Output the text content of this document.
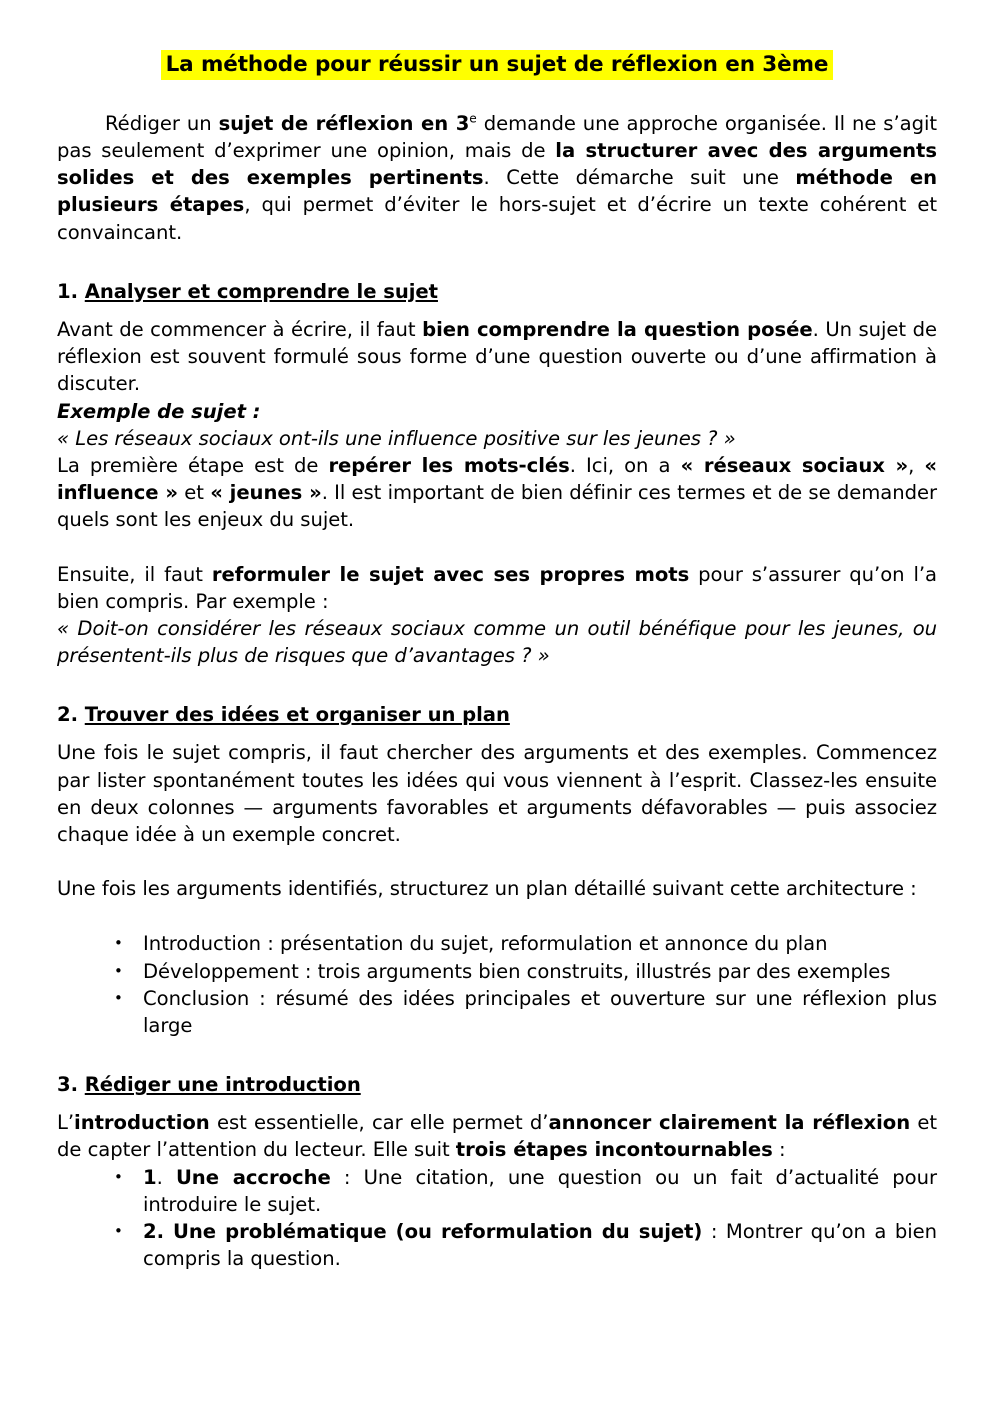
La méthode pour réussir un sujet de réflexion en 3ème

Rédiger un sujet de réflexion en 3e demande une approche organisée. Il ne s’agit pas seulement d’exprimer une opinion, mais de la structurer avec des arguments solides et des exemples pertinents. Cette démarche suit une méthode en plusieurs étapes, qui permet d’éviter le hors-sujet et d’écrire un texte cohérent et convaincant.

1. Analyser et comprendre le sujet

Avant de commencer à écrire, il faut bien comprendre la question posée. Un sujet de réflexion est souvent formulé sous forme d’une question ouverte ou d’une affirmation à discuter.

Exemple de sujet :

« Les réseaux sociaux ont-ils une influence positive sur les jeunes ? »

La première étape est de repérer les mots-clés. Ici, on a « réseaux sociaux », « influence » et « jeunes ». Il est important de bien définir ces termes et de se demander quels sont les enjeux du sujet.

Ensuite, il faut reformuler le sujet avec ses propres mots pour s’assurer qu’on l’a bien compris. Par exemple :

« Doit-on considérer les réseaux sociaux comme un outil bénéfique pour les jeunes, ou présentent-ils plus de risques que d’avantages ? »

2. Trouver des idées et organiser un plan

Une fois le sujet compris, il faut chercher des arguments et des exemples. Commencez par lister spontanément toutes les idées qui vous viennent à l’esprit. Classez-les ensuite en deux colonnes — arguments favorables et arguments défavorables — puis associez chaque idée à un exemple concret.

Une fois les arguments identifiés, structurez un plan détaillé suivant cette architecture :

• Introduction : présentation du sujet, reformulation et annonce du plan
• Développement : trois arguments bien construits, illustrés par des exemples
• Conclusion : résumé des idées principales et ouverture sur une réflexion plus large
3. Rédiger une introduction

L’introduction est essentielle, car elle permet d’annoncer clairement la réflexion et de capter l’attention du lecteur. Elle suit trois étapes incontournables :

• 1. Une accroche : Une citation, une question ou un fait d’actualité pour introduire le sujet.
• 2. Une problématique (ou reformulation du sujet) : Montrer qu’on a bien compris la question.
